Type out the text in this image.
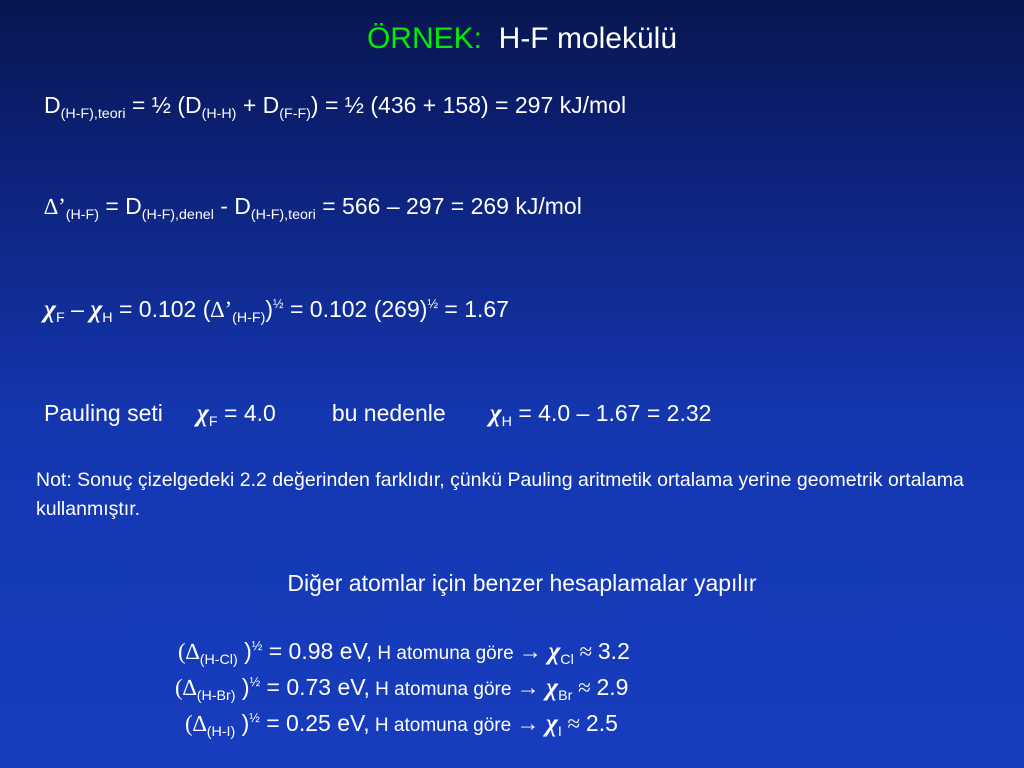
ÖRNEK: H-F molekülü
$D_{(H-F),teori}$ = ½ $(D_{(H-H)} + D_{(F-F)})$ = ½ (436 + 158) = 297 kJ/mol
$\Delta’_{(H-F)} = D_{(H-F),denel} - D_{(H-F),teori} = 566 - 297 = 269$ kJ/mol
$\chi_F - \chi_H = 0.102$ $(\Delta’_{(H-F)})^{\frac{1}{2}} = 0.102$ $(269)^{\frac{1}{2}} = 1.67$
Pauling seti $\chi_F = 4.0$ bu nedenle $\chi_H = 4.0 - 1.67 = 2.32$
Not: Sonuç çizelgedeki 2.2 değerinden farklıdır, çünkü Pauling aritmetik ortalama yerine geometrik ortalama kullanmıştır.
Diğer atomlar için benzer hesaplamalar yapılır
($\Delta_{(H-Cl)}$ )$^{\frac{1}{2}}$ = 0.98 eV, H atomuna göre → $\chi_{Cl} \approx 3.2$
($\Delta_{(H-Br)}$ )$^{\frac{1}{2}}$ = 0.73 eV, H atomuna göre → $\chi_{Br} \approx 2.9$
($\Delta_{(H-I)}$ )$^{\frac{1}{2}}$ = 0.25 eV, H atomuna göre → $\chi_I \approx 2.5$
